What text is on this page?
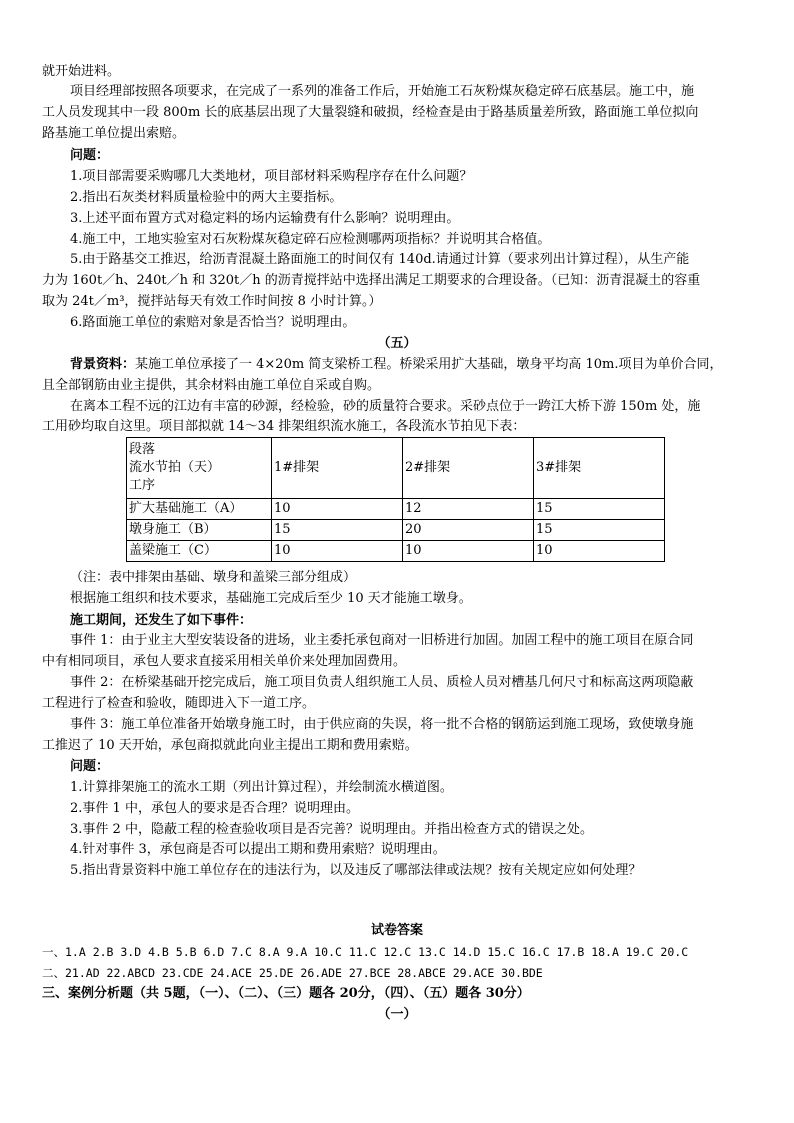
就开始进料。
项目经理部按照各项要求，在完成了一系列的准备工作后，开始施工石灰粉煤灰稳定碎石底基层。施工中，施
工人员发现其中一段 800m 长的底基层出现了大量裂缝和破损，经检查是由于路基质量差所致，路面施工单位拟向
路基施工单位提出索赔。
问题：
1.项目部需要采购哪几大类地材，项目部材料采购程序存在什么问题？
2.指出石灰类材料质量检验中的两大主要指标。
3.上述平面布置方式对稳定料的场内运输费有什么影响？说明理由。
4.施工中，工地实验室对石灰粉煤灰稳定碎石应检测哪两项指标？并说明其合格值。
5.由于路基交工推迟，给沥青混凝土路面施工的时间仅有 140d.请通过计算（要求列出计算过程），从生产能
力为 160t／h、240t／h 和 320t／h 的沥青搅拌站中选择出满足工期要求的合理设备。（已知：沥青混凝土的容重
取为 24t／m³，搅拌站每天有效工作时间按 8 小时计算。）
6.路面施工单位的索赔对象是否恰当？说明理由。
（五）
背景资料：某施工单位承接了一 4×20m 简支梁桥工程。桥梁采用扩大基础，墩身平均高 10m.项目为单价合同，
且全部钢筋由业主提供，其余材料由施工单位自采或自购。
在离本工程不远的江边有丰富的砂源，经检验，砂的质量符合要求。采砂点位于一跨江大桥下游 150m 处，施
工用砂均取自这里。项目部拟就 14～34 排架组织流水施工，各段流水节拍见下表：
段落
流水节拍（天）
工序	1#排架	2#排架	3#排架
扩大基础施工（A）	10	12	15
墩身施工（B）	15	20	15
盖梁施工（C）	10	10	10
（注：表中排架由基础、墩身和盖梁三部分组成）
根据施工组织和技术要求，基础施工完成后至少 10 天才能施工墩身。
施工期间，还发生了如下事件：
事件 1：由于业主大型安装设备的进场，业主委托承包商对一旧桥进行加固。加固工程中的施工项目在原合同
中有相同项目，承包人要求直接采用相关单价来处理加固费用。
事件 2：在桥梁基础开挖完成后，施工项目负责人组织施工人员、质检人员对槽基几何尺寸和标高这两项隐蔽
工程进行了检查和验收，随即进入下一道工序。
事件 3：施工单位准备开始墩身施工时，由于供应商的失误，将一批不合格的钢筋运到施工现场，致使墩身施
工推迟了 10 天开始，承包商拟就此向业主提出工期和费用索赔。
问题：
1.计算排架施工的流水工期（列出计算过程），并绘制流水横道图。
2.事件 1 中，承包人的要求是否合理？说明理由。
3.事件 2 中，隐蔽工程的检查验收项目是否完善？说明理由。并指出检查方式的错误之处。
4.针对事件 3，承包商是否可以提出工期和费用索赔？说明理由。
5.指出背景资料中施工单位存在的违法行为，以及违反了哪部法律或法规？按有关规定应如何处理？
试卷答案
一、1.A 2.B 3.D 4.B 5.B 6.D 7.C 8.A 9.A 10.C 11.C 12.C 13.C 14.D 15.C 16.C 17.B 18.A 19.C 20.C
二、21.AD 22.ABCD 23.CDE 24.ACE 25.DE 26.ADE 27.BCE 28.ABCE 29.ACE 30.BDE
三、案例分析题（共 5题，（一）、（二）、（三）题各 20分，（四）、（五）题各 30分）
（一）
